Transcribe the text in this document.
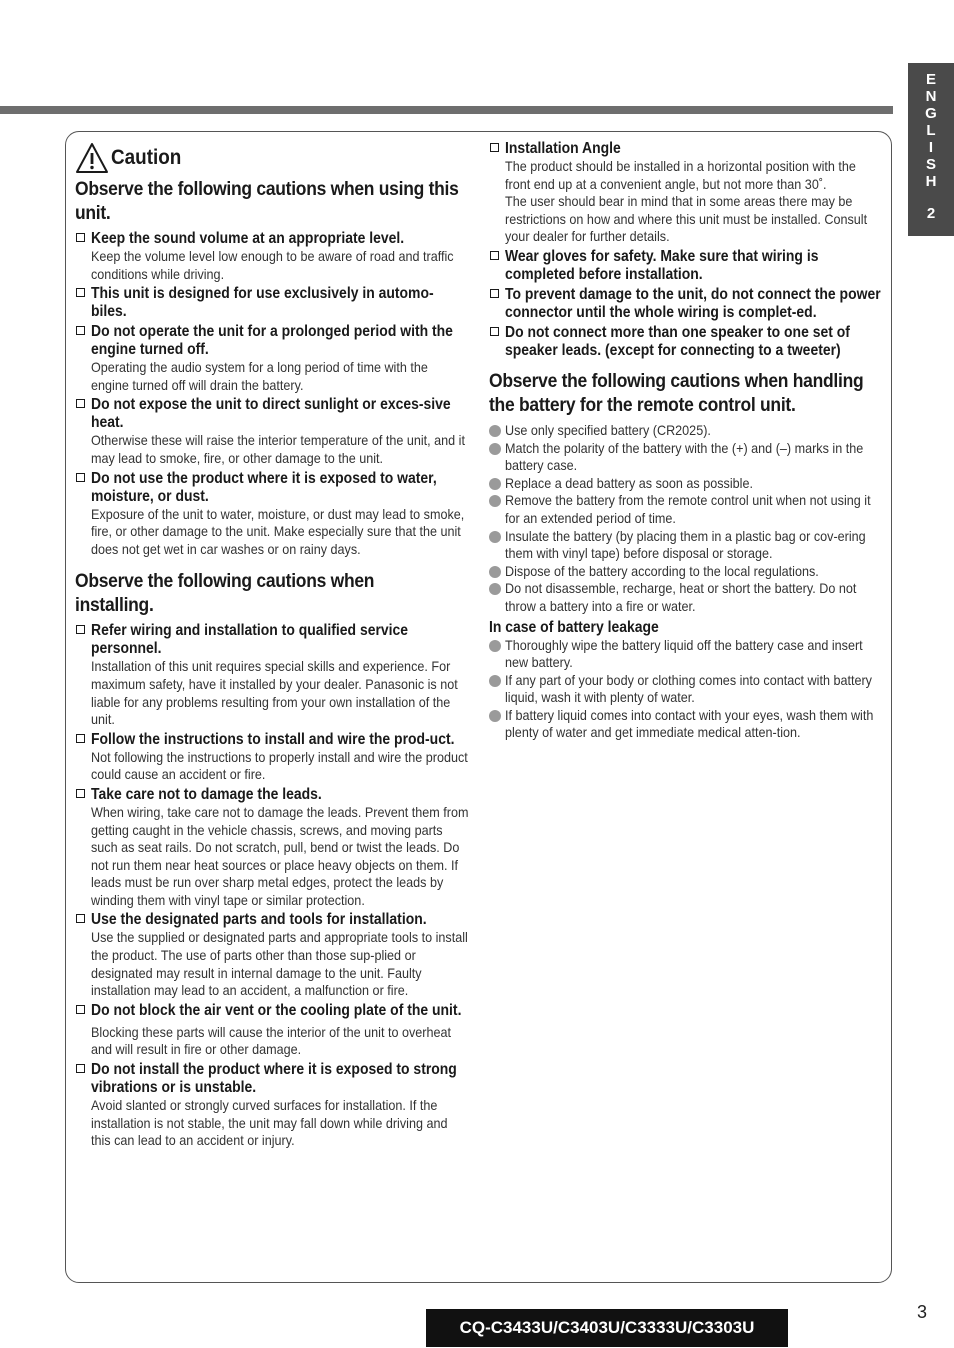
E
N
G
L
I
S
H
2
Caution
Observe the following cautions when using this unit.
Keep the sound volume at an appropriate level.
Keep the volume level low enough to be aware of road and traffic conditions while driving.
This unit is designed for use exclusively in automo-biles.
Do not operate the unit for a prolonged period with the engine turned off.
Operating the audio system for a long period of time with the engine turned off will drain the battery.
Do not expose the unit to direct sunlight or exces-sive heat.
Otherwise these will raise the interior temperature of the unit, and it may lead to smoke, fire, or other damage to the unit.
Do not use the product where it is exposed to water, moisture, or dust.
Exposure of the unit to water, moisture, or dust may lead to smoke, fire, or other damage to the unit. Make especially sure that the unit does not get wet in car washes or on rainy days.
Observe the following cautions when installing.
Refer wiring and installation to qualified service personnel.
Installation of this unit requires special skills and experience. For maximum safety, have it installed by your dealer. Panasonic is not liable for any problems resulting from your own installation of the unit.
Follow the instructions to install and wire the prod-uct.
Not following the instructions to properly install and wire the product could cause an accident or fire.
Take care not to damage the leads.
When wiring, take care not to damage the leads. Prevent them from getting caught in the vehicle chassis, screws, and moving parts such as seat rails. Do not scratch, pull, bend or twist the leads. Do not run them near heat sources or place heavy objects on them. If leads must be run over sharp metal edges, protect the leads by winding them with vinyl tape or similar protection.
Use the designated parts and tools for installation.
Use the supplied or designated parts and appropriate tools to install the product. The use of parts other than those sup-plied or designated may result in internal damage to the unit. Faulty installation may lead to an accident, a malfunction or fire.
Do not block the air vent or the cooling plate of the unit.
Blocking these parts will cause the interior of the unit to overheat and will result in fire or other damage.
Do not install the product where it is exposed to strong vibrations or is unstable.
Avoid slanted or strongly curved surfaces for installation. If the installation is not stable, the unit may fall down while driving and this can lead to an accident or injury.
Installation Angle
The product should be installed in a horizontal position with the front end up at a convenient angle, but not more than 30˚.
The user should bear in mind that in some areas there may be restrictions on how and where this unit must be installed. Consult your dealer for further details.
Wear gloves for safety. Make sure that wiring is completed before installation.
To prevent damage to the unit, do not connect the power connector until the whole wiring is complet-ed.
Do not connect more than one speaker to one set of speaker leads. (except for connecting to a tweeter)
Observe the following cautions when handling the battery for the remote control unit.
Use only specified battery (CR2025).
Match the polarity of the battery with the (+) and (–) marks in the battery case.
Replace a dead battery as soon as possible.
Remove the battery from the remote control unit when not using it for an extended period of time.
Insulate the battery (by placing them in a plastic bag or cov-ering them with vinyl tape) before disposal or storage.
Dispose of the battery according to the local regulations.
Do not disassemble, recharge, heat or short the battery. Do not throw a battery into a fire or water.
In case of battery leakage
Thoroughly wipe the battery liquid off the battery case and insert new battery.
If any part of your body or clothing comes into contact with battery liquid, wash it with plenty of water.
If battery liquid comes into contact with your eyes, wash them with plenty of water and get immediate medical atten-tion.
CQ-C3433U/C3403U/C3333U/C3303U
3
